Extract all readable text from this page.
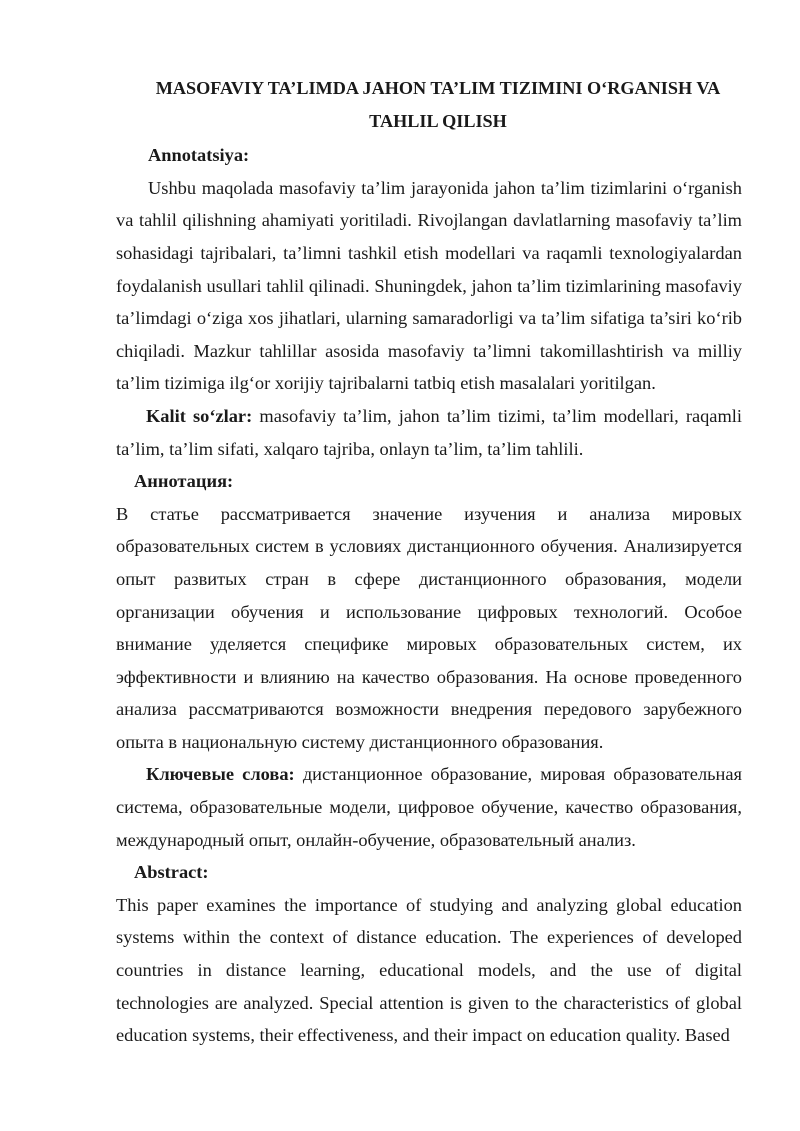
MASOFAVIY TA’LIMDA JAHON TA’LIM TIZIMINI O‘RGANISH VA
TAHLIL QILISH
Annotatsiya:

Ushbu maqolada masofaviy ta’lim jarayonida jahon ta’lim tizimlarini o‘rganish va tahlil qilishning ahamiyati yoritiladi. Rivojlangan davlatlarning masofaviy ta’lim sohasidagi tajribalari, ta’limni tashkil etish modellari va raqamli texnologiyalardan foydalanish usullari tahlil qilinadi. Shuningdek, jahon ta’lim tizimlarining masofaviy ta’limdagi o‘ziga xos jihatlari, ularning samaradorligi va ta’lim sifatiga ta’siri ko‘rib chiqiladi. Mazkur tahlillar asosida masofaviy ta’limni takomillashtirish va milliy ta’lim tizimiga ilg‘or xorijiy tajribalarni tatbiq etish masalalari yoritilgan.

Kalit so‘zlar: masofaviy ta’lim, jahon ta’lim tizimi, ta’lim modellari, raqamli ta’lim, ta’lim sifati, xalqaro tajriba, onlayn ta’lim, ta’lim tahlili.

Аннотация:

В статье рассматривается значение изучения и анализа мировых образовательных систем в условиях дистанционного обучения. Анализируется опыт развитых стран в сфере дистанционного образования, модели организации обучения и использование цифровых технологий. Особое внимание уделяется специфике мировых образовательных систем, их эффективности и влиянию на качество образования. На основе проведенного анализа рассматриваются возможности внедрения передового зарубежного опыта в национальную систему дистанционного образования.

Ключевые слова: дистанционное образование, мировая образовательная система, образовательные модели, цифровое обучение, качество образования, международный опыт, онлайн-обучение, образовательный анализ.

Abstract:

This paper examines the importance of studying and analyzing global education systems within the context of distance education. The experiences of developed countries in distance learning, educational models, and the use of digital technologies are analyzed. Special attention is given to the characteristics of global education systems, their effectiveness, and their impact on education quality. Based
